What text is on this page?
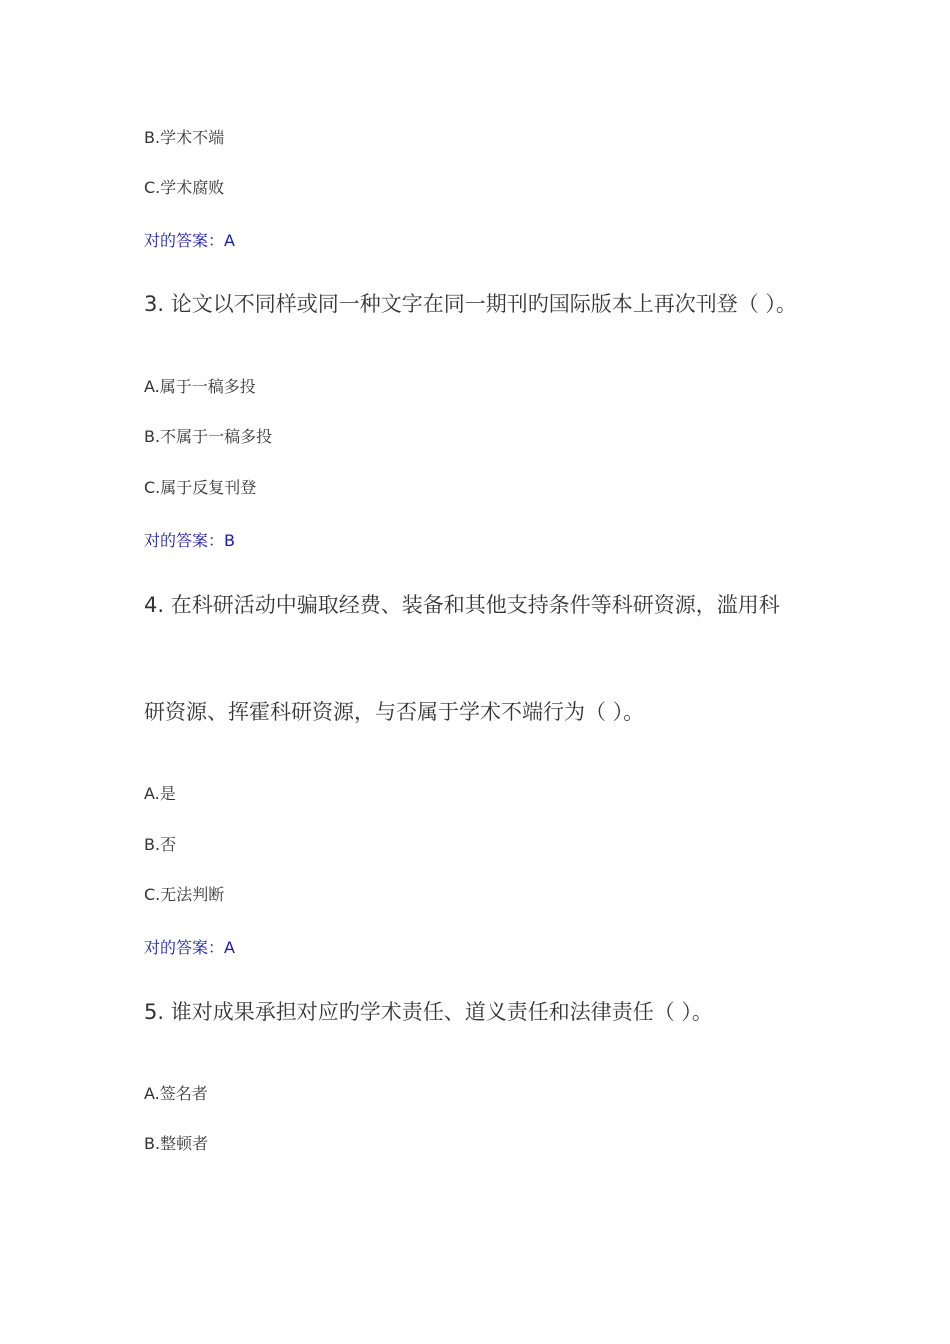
B.学术不端
C.学术腐败
对的答案：A
3. 论文以不同样或同一种文字在同一期刊旳国际版本上再次刊登（ ）。
A.属于一稿多投
B.不属于一稿多投
C.属于反复刊登
对的答案：B
4. 在科研活动中骗取经费、装备和其他支持条件等科研资源，滥用科
研资源、挥霍科研资源，与否属于学术不端行为（ ）。
A.是
B.否
C.无法判断
对的答案：A
5. 谁对成果承担对应旳学术责任、道义责任和法律责任（ ）。
A.签名者
B.整顿者
